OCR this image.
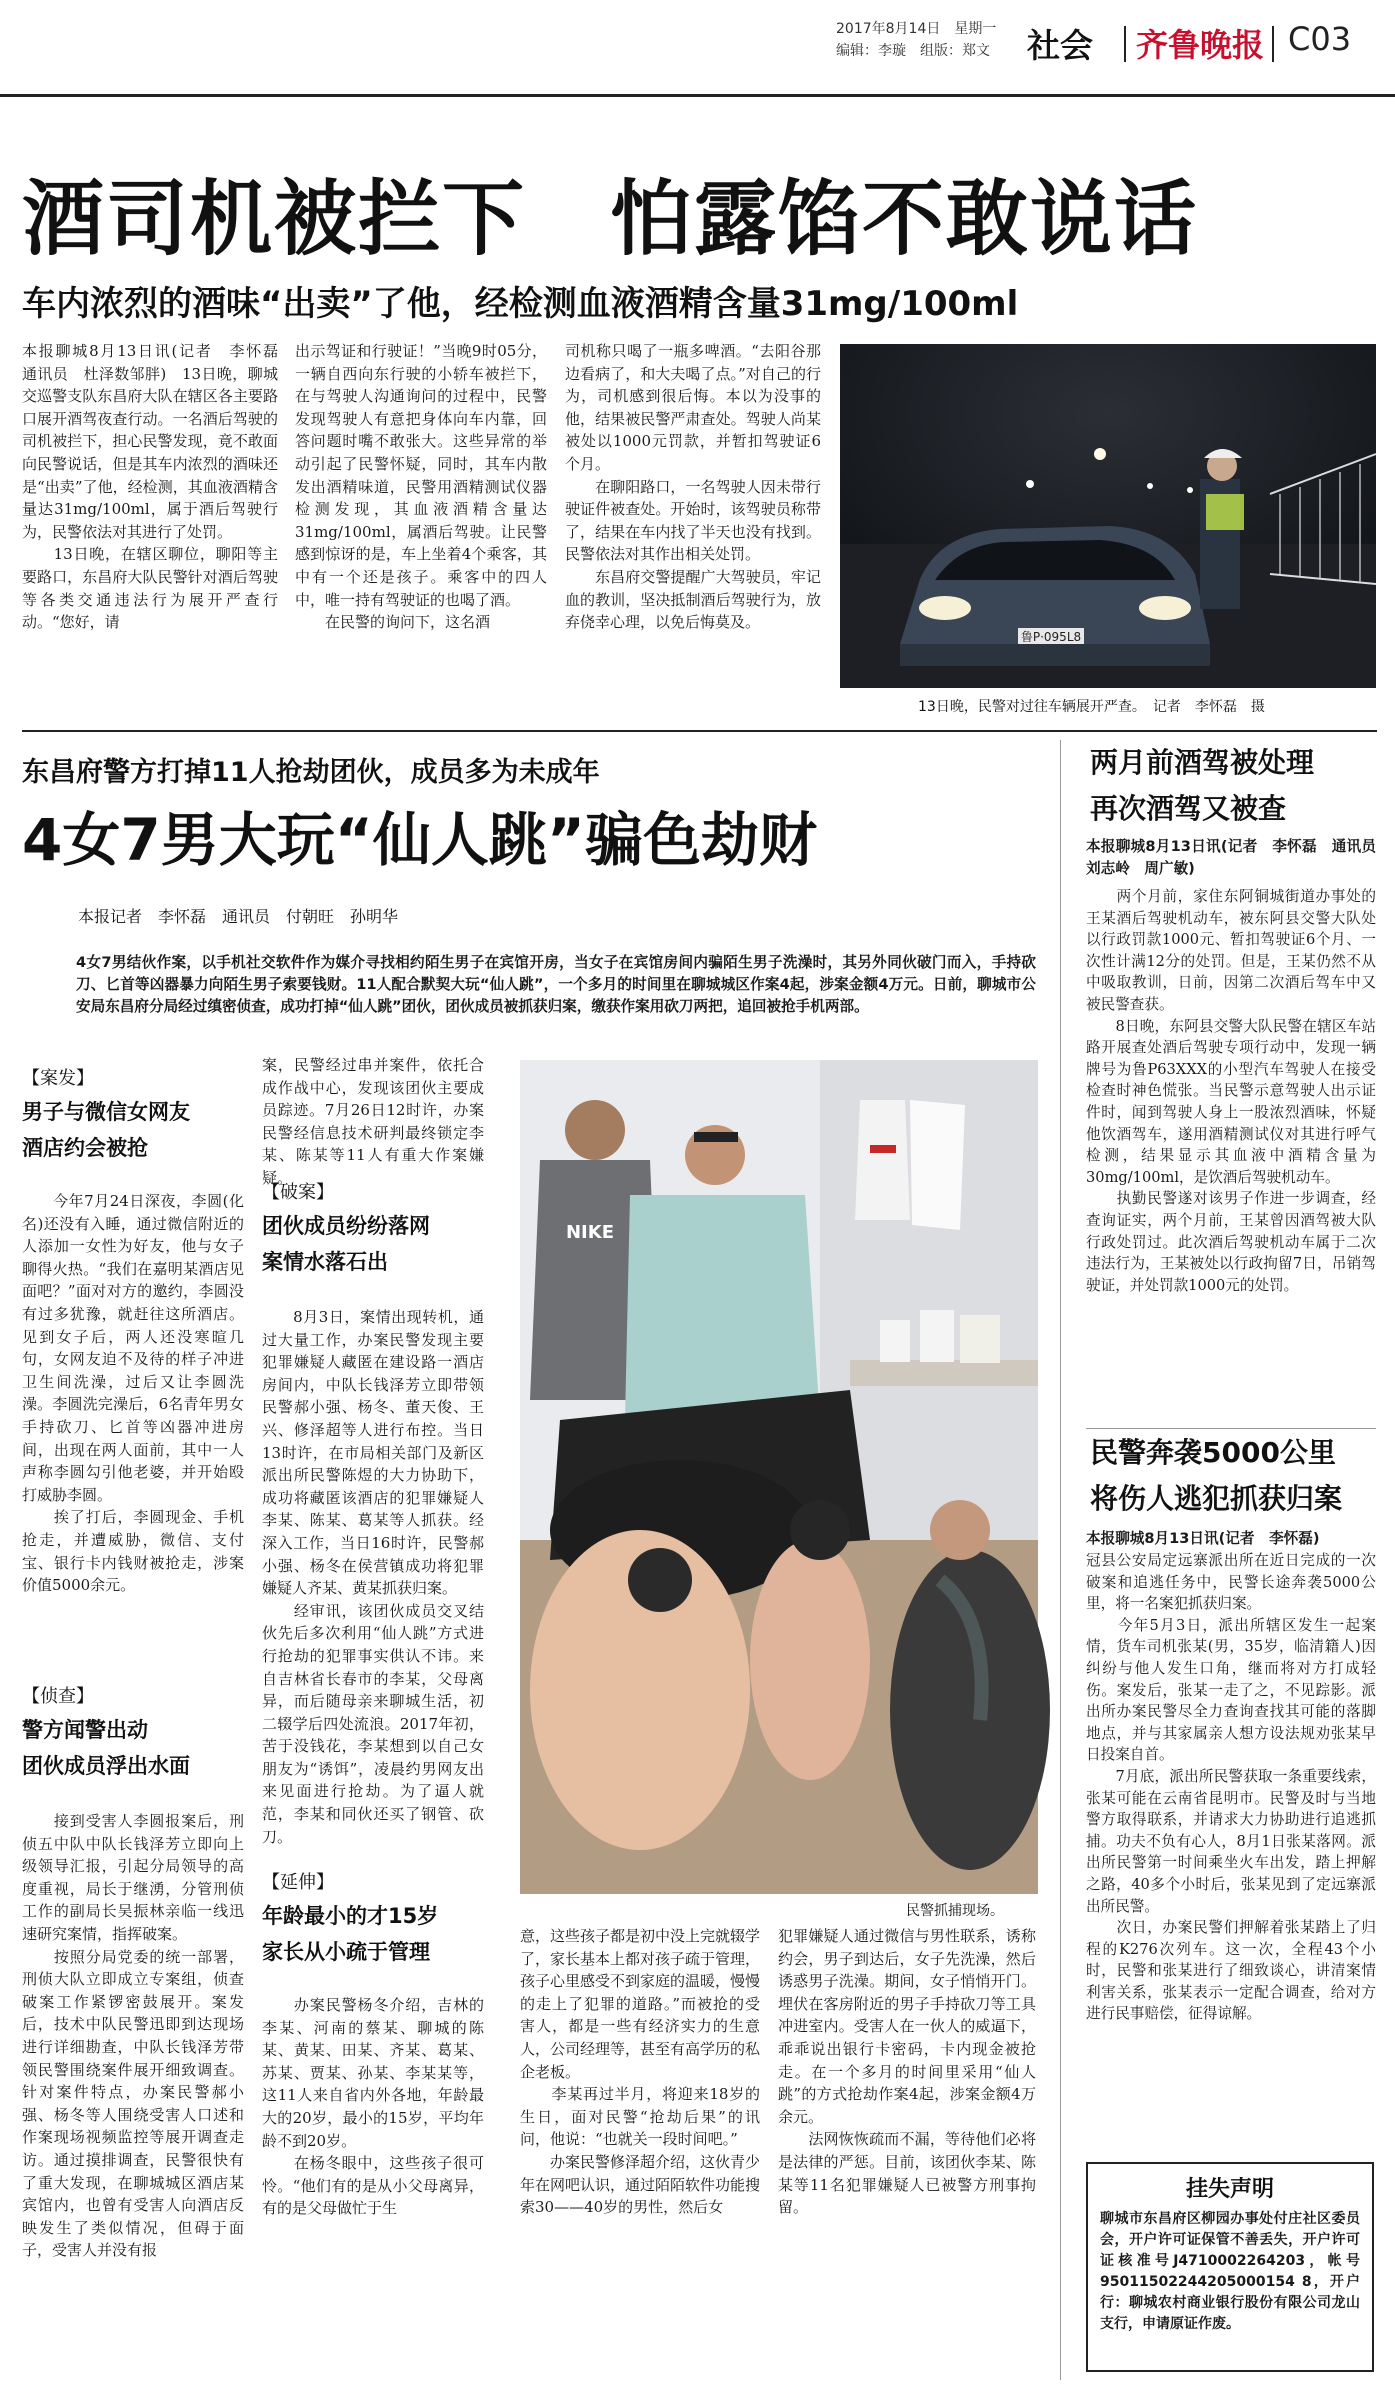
2017年8月14日　星期一
编辑：李璇　组版：郑文 社会 齐鲁晚报 C03
酒司机被拦下　怕露馅不敢说话
车内浓烈的酒味“出卖”了他，经检测血液酒精含量31mg/100ml
本报聊城8月13日讯(记者　李怀磊　通讯员　杜泽数邹胖)　13日晚，聊城交巡警支队东昌府大队在辖区各主要路口展开酒驾夜查行动。一名酒后驾驶的司机被拦下，担心民警发现，竟不敢面向民警说话，但是其车内浓烈的酒味还是“出卖”了他，经检测，其血液酒精含量达31mg/100ml，属于酒后驾驶行为，民警依法对其进行了处罚。
　　13日晚，在辖区聊位，聊阳等主要路口，东昌府大队民警针对酒后驾驶等各类交通违法行为展开严查行动。“您好，请
出示驾证和行驶证！”当晚9时05分，一辆自西向东行驶的小轿车被拦下，在与驾驶人沟通询问的过程中，民警发现驾驶人有意把身体向车内靠，回答问题时嘴不敢张大。这些异常的举动引起了民警怀疑，同时，其车内散发出酒精味道，民警用酒精测试仪器检测发现，其血液酒精含量达31mg/100ml，属酒后驾驶。让民警感到惊讶的是，车上坐着4个乘客，其中有一个还是孩子。乘客中的四人中，唯一持有驾驶证的也喝了酒。
　　在民警的询问下，这名酒
司机称只喝了一瓶多啤酒。“去阳谷那边看病了，和大夫喝了点。”对自己的行为，司机感到很后悔。本以为没事的他，结果被民警严肃查处。驾驶人尚某被处以1000元罚款，并暂扣驾驶证6个月。
　　在聊阳路口，一名驾驶人因未带行驶证件被查处。开始时，该驾驶员称带了，结果在车内找了半天也没有找到。民警依法对其作出相关处罚。
　　东昌府交警提醒广大驾驶员，牢记血的教训，坚决抵制酒后驾驶行为，放弃侥幸心理，以免后悔莫及。
鲁P·095L8
13日晚，民警对过往车辆展开严查。　记者　李怀磊　摄
东昌府警方打掉11人抢劫团伙，成员多为未成年
4女7男大玩“仙人跳”骗色劫财
本报记者　李怀磊　通讯员　付朝旺　孙明华
4女7男结伙作案，以手机社交软件作为媒介寻找相约陌生男子在宾馆开房，当女子在宾馆房间内骗陌生男子洗澡时，其另外同伙破门而入，手持砍刀、匕首等凶器暴力向陌生男子索要钱财。11人配合默契大玩“仙人跳”，一个多月的时间里在聊城城区作案4起，涉案金额4万元。日前，聊城市公安局东昌府分局经过缜密侦查，成功打掉“仙人跳”团伙，团伙成员被抓获归案，缴获作案用砍刀两把，追回被抢手机两部。
【案发】
男子与微信女网友
酒店约会被抢
　　今年7月24日深夜，李圆(化名)还没有入睡，通过微信附近的人添加一女性为好友，他与女子聊得火热。“我们在嘉明某酒店见面吧？”面对对方的邀约，李圆没有过多犹豫，就赶往这所酒店。见到女子后，两人还没寒暄几句，女网友迫不及待的样子冲进卫生间洗澡，过后又让李圆洗澡。李圆洗完澡后，6名青年男女手持砍刀、匕首等凶器冲进房间，出现在两人面前，其中一人声称李圆勾引他老婆，并开始殴打威胁李圆。
　　挨了打后，李圆现金、手机抢走，并遭威胁，微信、支付宝、银行卡内钱财被抢走，涉案价值5000余元。
【侦查】
警方闻警出动
团伙成员浮出水面
　　接到受害人李圆报案后，刑侦五中队中队长钱泽芳立即向上级领导汇报，引起分局领导的高度重视，局长于继湧，分管刑侦工作的副局长吴振林亲临一线迅速研究案情，指挥破案。
　　按照分局党委的统一部署，刑侦大队立即成立专案组，侦查破案工作紧锣密鼓展开。案发后，技术中队民警迅即到达现场进行详细勘查，中队长钱泽芳带领民警围绕案件展开细致调查。针对案件特点，办案民警郝小强、杨冬等人围绕受害人口述和作案现场视频监控等展开调查走访。通过摸排调查，民警很快有了重大发现，在聊城城区酒店某宾馆内，也曾有受害人向酒店反映发生了类似情况，但碍于面子，受害人并没有报
案，民警经过串并案件，依托合成作战中心，发现该团伙主要成员踪迹。7月26日12时许，办案民警经信息技术研判最终锁定李某、陈某等11人有重大作案嫌疑。
【破案】
团伙成员纷纷落网
案情水落石出
　　8月3日，案情出现转机，通过大量工作，办案民警发现主要犯罪嫌疑人藏匿在建设路一酒店房间内，中队长钱泽芳立即带领民警郝小强、杨冬、董天俊、王兴、修泽超等人进行布控。当日13时许，在市局相关部门及新区派出所民警陈煜的大力协助下，成功将藏匿该酒店的犯罪嫌疑人李某、陈某、葛某等人抓获。经深入工作，当日16时许，民警郝小强、杨冬在侯营镇成功将犯罪嫌疑人齐某、黄某抓获归案。
　　经审讯，该团伙成员交叉结伙先后多次利用“仙人跳”方式进行抢劫的犯罪事实供认不讳。来自吉林省长春市的李某，父母离异，而后随母亲来聊城生活，初二辍学后四处流浪。2017年初，苦于没钱花，李某想到以自己女朋友为“诱饵”，凌晨约男网友出来见面进行抢劫。为了逼人就范，李某和同伙还买了钢管、砍刀。
【延伸】
年龄最小的才15岁
家长从小疏于管理
　　办案民警杨冬介绍，吉林的李某、河南的蔡某、聊城的陈某、黄某、田某、齐某、葛某、苏某、贾某、孙某、李某某等，这11人来自省内外各地，年龄最大的20岁，最小的15岁，平均年龄不到20岁。
　　在杨冬眼中，这些孩子很可怜。“他们有的是从小父母离异，有的是父母做忙于生
NIKE
民警抓捕现场。
意，这些孩子都是初中没上完就辍学了，家长基本上都对孩子疏于管理，孩子心里感受不到家庭的温暖，慢慢的走上了犯罪的道路。”而被抢的受害人，都是一些有经济实力的生意人，公司经理等，甚至有高学历的私企老板。
　　李某再过半月，将迎来18岁的生日，面对民警“抢劫后果”的讯问，他说：“也就关一段时间吧。”
　　办案民警修泽超介绍，这伙青少年在网吧认识，通过陌陌软件功能搜索30——40岁的男性，然后女
犯罪嫌疑人通过微信与男性联系，诱称约会，男子到达后，女子先洗澡，然后诱惑男子洗澡。期间，女子悄悄开门。埋伏在客房附近的男子手持砍刀等工具冲进室内。受害人在一伙人的威逼下，乖乖说出银行卡密码，卡内现金被抢走。在一个多月的时间里采用“仙人跳”的方式抢劫作案4起，涉案金额4万余元。
　　法网恢恢疏而不漏，等待他们必将是法律的严惩。目前，该团伙李某、陈某等11名犯罪嫌疑人已被警方刑事拘留。
两月前酒驾被处理
再次酒驾又被查
本报聊城8月13日讯(记者　李怀磊　通讯员　刘志岭　周广敏)
　　两个月前，家住东阿铜城街道办事处的王某酒后驾驶机动车，被东阿县交警大队处以行政罚款1000元、暂扣驾驶证6个月、一次性计满12分的处罚。但是，王某仍然不从中吸取教训，日前，因第二次酒后驾车中又被民警查获。
　　8日晚，东阿县交警大队民警在辖区车站路开展查处酒后驾驶专项行动中，发现一辆牌号为鲁P63XXX的小型汽车驾驶人在接受检查时神色慌张。当民警示意驾驶人出示证件时，闻到驾驶人身上一股浓烈酒味，怀疑他饮酒驾车，遂用酒精测试仪对其进行呼气检测，结果显示其血液中酒精含量为30mg/100ml，是饮酒后驾驶机动车。
　　执勤民警遂对该男子作进一步调查，经查询证实，两个月前，王某曾因酒驾被大队行政处罚过。此次酒后驾驶机动车属于二次违法行为，王某被处以行政拘留7日，吊销驾驶证，并处罚款1000元的处罚。
民警奔袭5000公里
将伤人逃犯抓获归案
本报聊城8月13日讯(记者　李怀磊)
冠县公安局定远寨派出所在近日完成的一次破案和追逃任务中，民警长途奔袭5000公里，将一名案犯抓获归案。
　　今年5月3日，派出所辖区发生一起案情，货车司机张某(男，35岁，临清籍人)因纠纷与他人发生口角，继而将对方打成轻伤。案发后，张某一走了之，不见踪影。派出所办案民警尽全力查询查找其可能的落脚地点，并与其家属亲人想方设法规劝张某早日投案自首。
　　7月底，派出所民警获取一条重要线索，张某可能在云南省昆明市。民警及时与当地警方取得联系，并请求大力协助进行追逃抓捕。功夫不负有心人，8月1日张某落网。派出所民警第一时间乘坐火车出发，踏上押解之路，40多个小时后，张某见到了定远寨派出所民警。
　　次日，办案民警们押解着张某踏上了归程的K276次列车。这一次，全程43个小时，民警和张某进行了细致谈心，讲清案情利害关系，张某表示一定配合调查，给对方进行民事赔偿，征得谅解。
挂失声明
聊城市东昌府区柳园办事处付庄社区委员会，开户许可证保管不善丢失，开户许可证核准号J4710002264203，帐号95011502244205000154 8，开户行：聊城农村商业银行股份有限公司龙山支行，申请原证作废。
